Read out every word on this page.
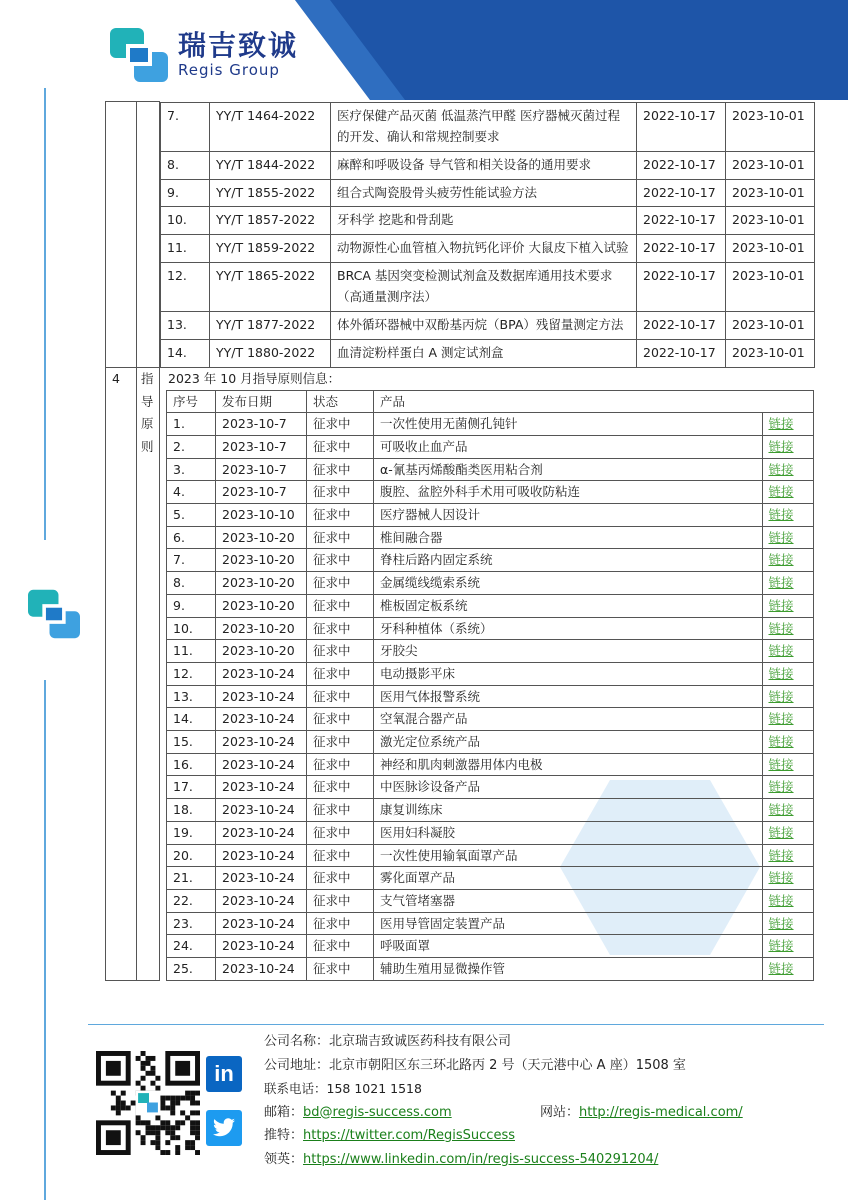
瑞吉致诚
Regis Group

7.	YY/T 1464-2022	医疗保健产品灭菌 低温蒸汽甲醛 医疗器械灭菌过程的开发、确认和常规控制要求	2022-10-17	2023-10-01
8.	YY/T 1844-2022	麻醉和呼吸设备 导气管和相关设备的通用要求	2022-10-17	2023-10-01
9.	YY/T 1855-2022	组合式陶瓷股骨头疲劳性能试验方法	2022-10-17	2023-10-01
10.	YY/T 1857-2022	牙科学 挖匙和骨刮匙	2022-10-17	2023-10-01
11.	YY/T 1859-2022	动物源性心血管植入物抗钙化评价 大鼠皮下植入试验	2022-10-17	2023-10-01
12.	YY/T 1865-2022	BRCA 基因突变检测试剂盒及数据库通用技术要求（高通量测序法）	2022-10-17	2023-10-01
13.	YY/T 1877-2022	体外循环器械中双酚基丙烷（BPA）残留量测定方法	2022-10-17	2023-10-01
14.	YY/T 1880-2022	血清淀粉样蛋白 A 测定试剂盒	2022-10-17	2023-10-01

4	指
导
原
则

2023 年 10 月指导原则信息：
序号	发布日期	状态	产品
1.	2023-10-7	征求中	一次性使用无菌侧孔钝针	链接
2.	2023-10-7	征求中	可吸收止血产品	链接
3.	2023-10-7	征求中	α-氰基丙烯酸酯类医用粘合剂	链接
4.	2023-10-7	征求中	腹腔、盆腔外科手术用可吸收防粘连	链接
5.	2023-10-10	征求中	医疗器械人因设计	链接
6.	2023-10-20	征求中	椎间融合器	链接
7.	2023-10-20	征求中	脊柱后路内固定系统	链接
8.	2023-10-20	征求中	金属缆线缆索系统	链接
9.	2023-10-20	征求中	椎板固定板系统	链接
10.	2023-10-20	征求中	牙科种植体（系统）	链接
11.	2023-10-20	征求中	牙胶尖	链接
12.	2023-10-24	征求中	电动摄影平床	链接
13.	2023-10-24	征求中	医用气体报警系统	链接
14.	2023-10-24	征求中	空氧混合器产品	链接
15.	2023-10-24	征求中	激光定位系统产品	链接
16.	2023-10-24	征求中	神经和肌肉刺激器用体内电极	链接
17.	2023-10-24	征求中	中医脉诊设备产品	链接
18.	2023-10-24	征求中	康复训练床	链接
19.	2023-10-24	征求中	医用妇科凝胶	链接
20.	2023-10-24	征求中	一次性使用输氧面罩产品	链接
21.	2023-10-24	征求中	雾化面罩产品	链接
22.	2023-10-24	征求中	支气管堵塞器	链接
23.	2023-10-24	征求中	医用导管固定装置产品	链接
24.	2023-10-24	征求中	呼吸面罩	链接
25.	2023-10-24	征求中	辅助生殖用显微操作管	链接
in
公司名称：北京瑞吉致诚医药科技有限公司
公司地址：北京市朝阳区东三环北路丙 2 号（天元港中心 A 座）1508 室
联系电话：158 1021 1518
邮箱：bd@regis-success.com	网站：http://regis-medical.com/
推特：https://twitter.com/RegisSuccess
领英：https://www.linkedin.com/in/regis-success-540291204/
